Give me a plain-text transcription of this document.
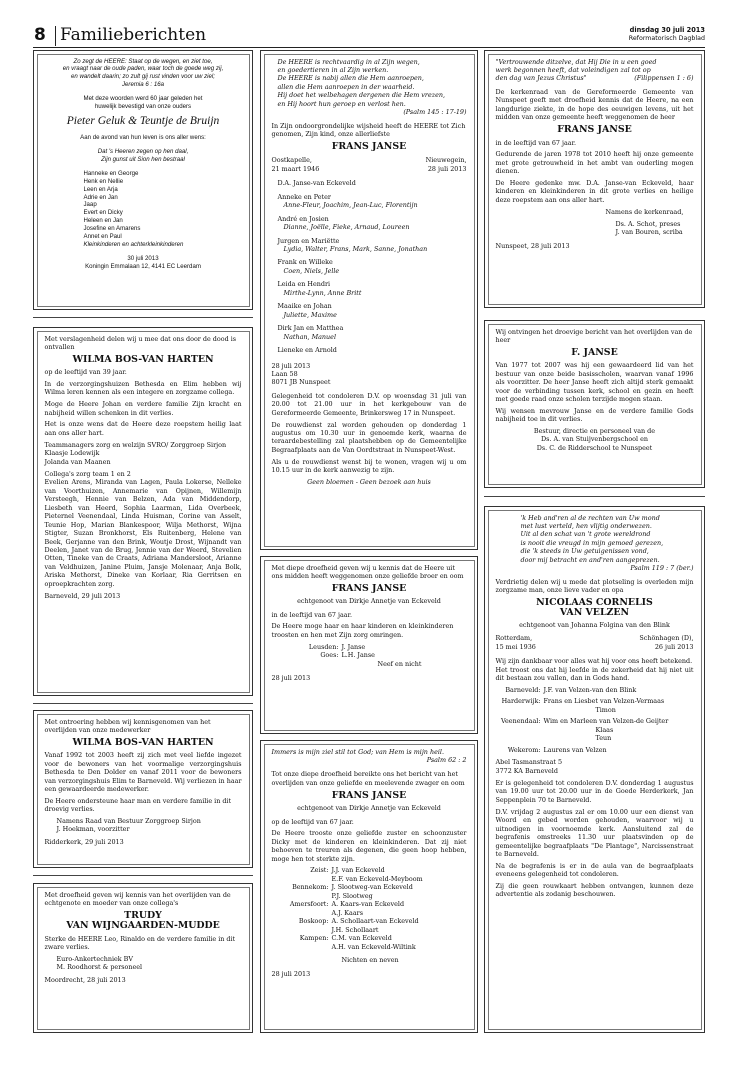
8 Familieberichten	dinsdag 30 juli 2013
Reformatorisch Dagblad
Zo zegt de HEERE: Staat op de wegen, en ziet toe,
en vraagt naar de oude paden, waar toch de goede weg zij,
en wandelt daarin; zo zult gij rust vinden voor uw ziel;
Jeremia 6 : 16a
Met deze woorden werd 60 jaar geleden het
huwelijk bevestigd van onze ouders
Pieter Geluk & Teuntje de Bruijn
Aan de avond van hun leven is ons aller wens:
Dat 's Heeren zegen op hen daal,
Zijn gunst uit Sion hen bestraal
Hanneke en George
Henk en Nellie
Leen en Arja
Adrie en Jan
Jaap
Evert en Dicky
Heleen en Jan
Josefine en Amarens
Annet en Paul
Kleinkinderen en achterkleinkinderen
30 juli 2013
Koningin Emmalaan 12, 4141 EC Leerdam

Met verslagenheid delen wij u mee dat ons door de dood is ontvallen

WILMA BOS-VAN HARTEN

op de leeftijd van 39 jaar.

In de verzorgingshuizen Bethesda en Elim hebben wij Wilma leren kennen als een integere en zorgzame collega.

Moge de Heere Johan en verdere familie Zijn kracht en nabijheid willen schenken in dit verlies.

Het is onze wens dat de Heere deze roepstem heilig laat aan ons aller hart.

Teammanagers zorg en welzijn SVRO/ Zorggroep Sirjon
Klaasje Lodewijk
Jolanda van Maanen
Collega's zorg team 1 en 2

Evelien Arens, Miranda van Lagen, Paula Lokerse, Nelleke van Voorthuizen, Annemarie van Opijnen, Willemijn Versteegh, Hennie van Belzen, Ada van Middendorp, Liesbeth van Heerd, Sophia Laarman, Lida Overbeek, Pieternel Veenendaal, Linda Huisman, Corine van Asselt, Teunie Hop, Marian Blankespoor, Wilja Methorst, Wijna Stigter, Suzan Bronkhorst, Els Ruitenberg, Helene van Beek, Gerjanne van den Brink, Woutje Drost, Wijnandt van Deelen, Janet van de Brug, Jennie van der Weerd, Stevelien Otten, Tineke van de Craats, Adriana Mandersloot, Arianne van Veldhuizen, Janine Pluim, Jansje Molenaar, Anja Bolk, Ariska Methorst, Dineke van Korlaar, Ria Gerritsen en oproepkrachten zorg.

Barneveld, 29 juli 2013

Met ontroering hebben wij kennisgenomen van het overlijden van onze medewerker

WILMA BOS-VAN HARTEN

Vanaf 1992 tot 2003 heeft zij zich met veel liefde ingezet voor de bewoners van het voormalige verzorgingshuis Bethesda te Den Dolder en vanaf 2011 voor de bewoners van verzorgingshuis Elim te Barneveld. Wij verliezen in haar een gewaardeerde medewerker.

De Heere ondersteune haar man en verdere familie in dit droevig verlies.

Namens Raad van Bestuur Zorggroep Sirjon
J. Hoekman, voorzitter
Ridderkerk, 29 juli 2013

Met droefheid geven wij kennis van het overlijden van de echtgenote en moeder van onze collega's

TRUDY
VAN WIJNGAARDEN-MUDDE

Sterke de HEERE Leo, Rinaldo en de verdere familie in dit zware verlies.

Euro-Ankertechniek BV
M. Roodhorst & personeel
Moordrecht, 28 juli 2013
De HEERE is rechtvaardig in al Zijn wegen,
en goedertieren in al Zijn werken.
De HEERE is nabij allen die Hem aanroepen,
allen die Hem aanroepen in der waarheid.
Hij doet het welbehagen dergenen die Hem vrezen,
en Hij hoort hun geroep en verlost hen.
(Psalm 145 : 17-19)

In Zijn ondoorgrondelijke wijsheid heeft de HEERE tot Zich genomen, Zijn kind, onze allerliefste

FRANS JANSE
Oostkapelle,	Nieuwegein,
21 maart 1946	28 juli 2013
D.A. Janse-van Eckeveld
Anneke en Peter
Anne-Fleur, Joachim, Jean-Luc, Florentijn
André en Josien
Dianne, Joëlle, Fieke, Arnaud, Loureen
Jurgen en Mariëtte
Lydia, Walter, Frans, Mark, Sanne, Jonathan
Frank en Willeke
Coen, Niels, Jelle
Leida en Hendri
Mirthe-Lynn, Anne Britt
Maaike en Johan
Juliette, Maxime
Dirk Jan en Matthea
Nathan, Manuel
Lieneke en Arnold
28 juli 2013
Laan 58
8071 JB Nunspeet

Gelegenheid tot condoleren D.V. op woensdag 31 juli van 20.00 tot 21.00 uur in het kerkgebouw van de Gereformeerde Gemeente, Brinkersweg 17 in Nunspeet.

De rouwdienst zal worden gehouden op donderdag 1 augustus om 10.30 uur in genoemde kerk, waarna de teraardebestelling zal plaatshebben op de Gemeentelijke Begraafplaats aan de Van Oordtstraat in Nunspeet-West.

Als u de rouwdienst wenst bij te wonen, vragen wij u om 10.15 uur in de kerk aanwezig te zijn.

Geen bloemen - Geen bezoek aan huis

Met diepe droefheid geven wij u kennis dat de Heere uit ons midden heeft weggenomen onze geliefde broer en oom

FRANS JANSE
echtgenoot van Dirkje Annetje van Eckeveld

in de leeftijd van 67 jaar.

De Heere moge haar en haar kinderen en kleinkinderen troosten en hen met Zijn zorg omringen.

Leusden: J. Janse
Goes: L.H. Janse
Neef en nicht
28 juli 2013
Immers is mijn ziel stil tot God; van Hem is mijn heil.
Psalm 62 : 2

Tot onze diepe droefheid bereikte ons het bericht van het overlijden van onze geliefde en meelevende zwager en oom

FRANS JANSE
echtgenoot van Dirkje Annetje van Eckeveld

op de leeftijd van 67 jaar.

De Heere trooste onze geliefde zuster en schoonzuster Dicky met de kinderen en kleinkinderen. Dat zij niet behoeven te treuren als degenen, die geen hoop hebben, moge hen tot sterkte zijn.

Zeist: J.J. van Eckeveld
E.F. van Eckeveld-Meyboom
Bennekom: J. Slootweg-van Eckeveld
P.J. Slootweg
Amersfoort: A. Kaars-van Eckeveld
A.J. Kaars
Boskoop: A. Schollaart-van Eckeveld
J.H. Schollaart
Kampen: C.M. van Eckeveld
A.H. van Eckeveld-Wiltink
Nichten en neven
28 juli 2013
"Vertrouwende ditzelve, dat Hij Die in u een goed
werk begonnen heeft, dat voleindigen zal tot op
den dag van Jezus Christus"	(Filippensen 1 : 6)

De kerkenraad van de Gereformeerde Gemeente van Nunspeet geeft met droefheid kennis dat de Heere, na een langdurige ziekte, in de hope des eeuwigen levens, uit het midden van onze gemeente heeft weggenomen de heer

FRANS JANSE

in de leeftijd van 67 jaar.

Gedurende de jaren 1978 tot 2010 heeft hij onze gemeente met grote getrouwheid in het ambt van ouderling mogen dienen.

De Heere gedenke mw. D.A. Janse-van Eckeveld, haar kinderen en kleinkinderen in dit grote verlies en heilige deze roepstem aan ons aller hart.

Namens de kerkenraad,
Ds. A. Schot, preses
J. van Bouren, scriba
Nunspeet, 28 juli 2013

Wij ontvingen het droevige bericht van het overlijden van de heer

F. JANSE

Van 1977 tot 2007 was hij een gewaardeerd lid van het bestuur van onze beide basisscholen, waarvan vanaf 1996 als voorzitter. De heer Janse heeft zich altijd sterk gemaakt voor de verbinding tussen kerk, school en gezin en heeft met goede raad onze scholen terzijde mogen staan.

Wij wensen mevrouw Janse en de verdere familie Gods nabijheid toe in dit verlies.

Bestuur, directie en personeel van de
Ds. A. van Stuijvenbergschool en
Ds. C. de Ridderschool te Nunspeet
'k Heb and'ren al de rechten van Uw mond
met lust verteld, hen vlijtig onderwezen.
Uit al den schat van 't grote wereldrond
is nooit die vreugd in mijn gemoed gerezen,
die 'k steeds in Uw getuigenissen vond,
door mij betracht en and'ren aangeprezen.
Psalm 119 : 7 (ber.)

Verdrietig delen wij u mede dat plotseling is overleden mijn zorgzame man, onze lieve vader en opa

NICOLAAS CORNELIS
VAN VELZEN
echtgenoot van Johanna Folgina van den Blink
Rotterdam,	Schönhagen (D),
15 mei 1936	26 juli 2013
Wij zijn dankbaar voor alles wat hij voor ons heeft betekend.

Het troost ons dat hij leefde in de zekerheid dat hij niet uit dit bestaan zou vallen, dan in Gods hand.

Barneveld: J.F. van Velzen-van den Blink
Harderwijk: Frans en Liesbet van Velzen-Vermaas
Timon
Veenendaal: Wim en Marleen van Velzen-de Geijter
Klaas
Teun
Wekerom: Laurens van Velzen
Abel Tasmanstraat 5
3772 KA Barneveld

Er is gelegenheid tot condoleren D.V. donderdag 1 augustus van 19.00 uur tot 20.00 uur in de Goede Herderkerk, Jan Seppenplein 70 te Barneveld.

D.V. vrijdag 2 augustus zal er om 10.00 uur een dienst van Woord en gebed worden gehouden, waarvoor wij u uitnodigen in voornoemde kerk. Aansluitend zal de begrafenis omstreeks 11.30 uur plaatsvinden op de gemeentelijke begraafplaats "De Plantage", Narcissenstraat te Barneveld.

Na de begrafenis is er in de aula van de begraafplaats eveneens gelegenheid tot condoleren.

Zij die geen rouwkaart hebben ontvangen, kunnen deze advertentie als zodanig beschouwen.
